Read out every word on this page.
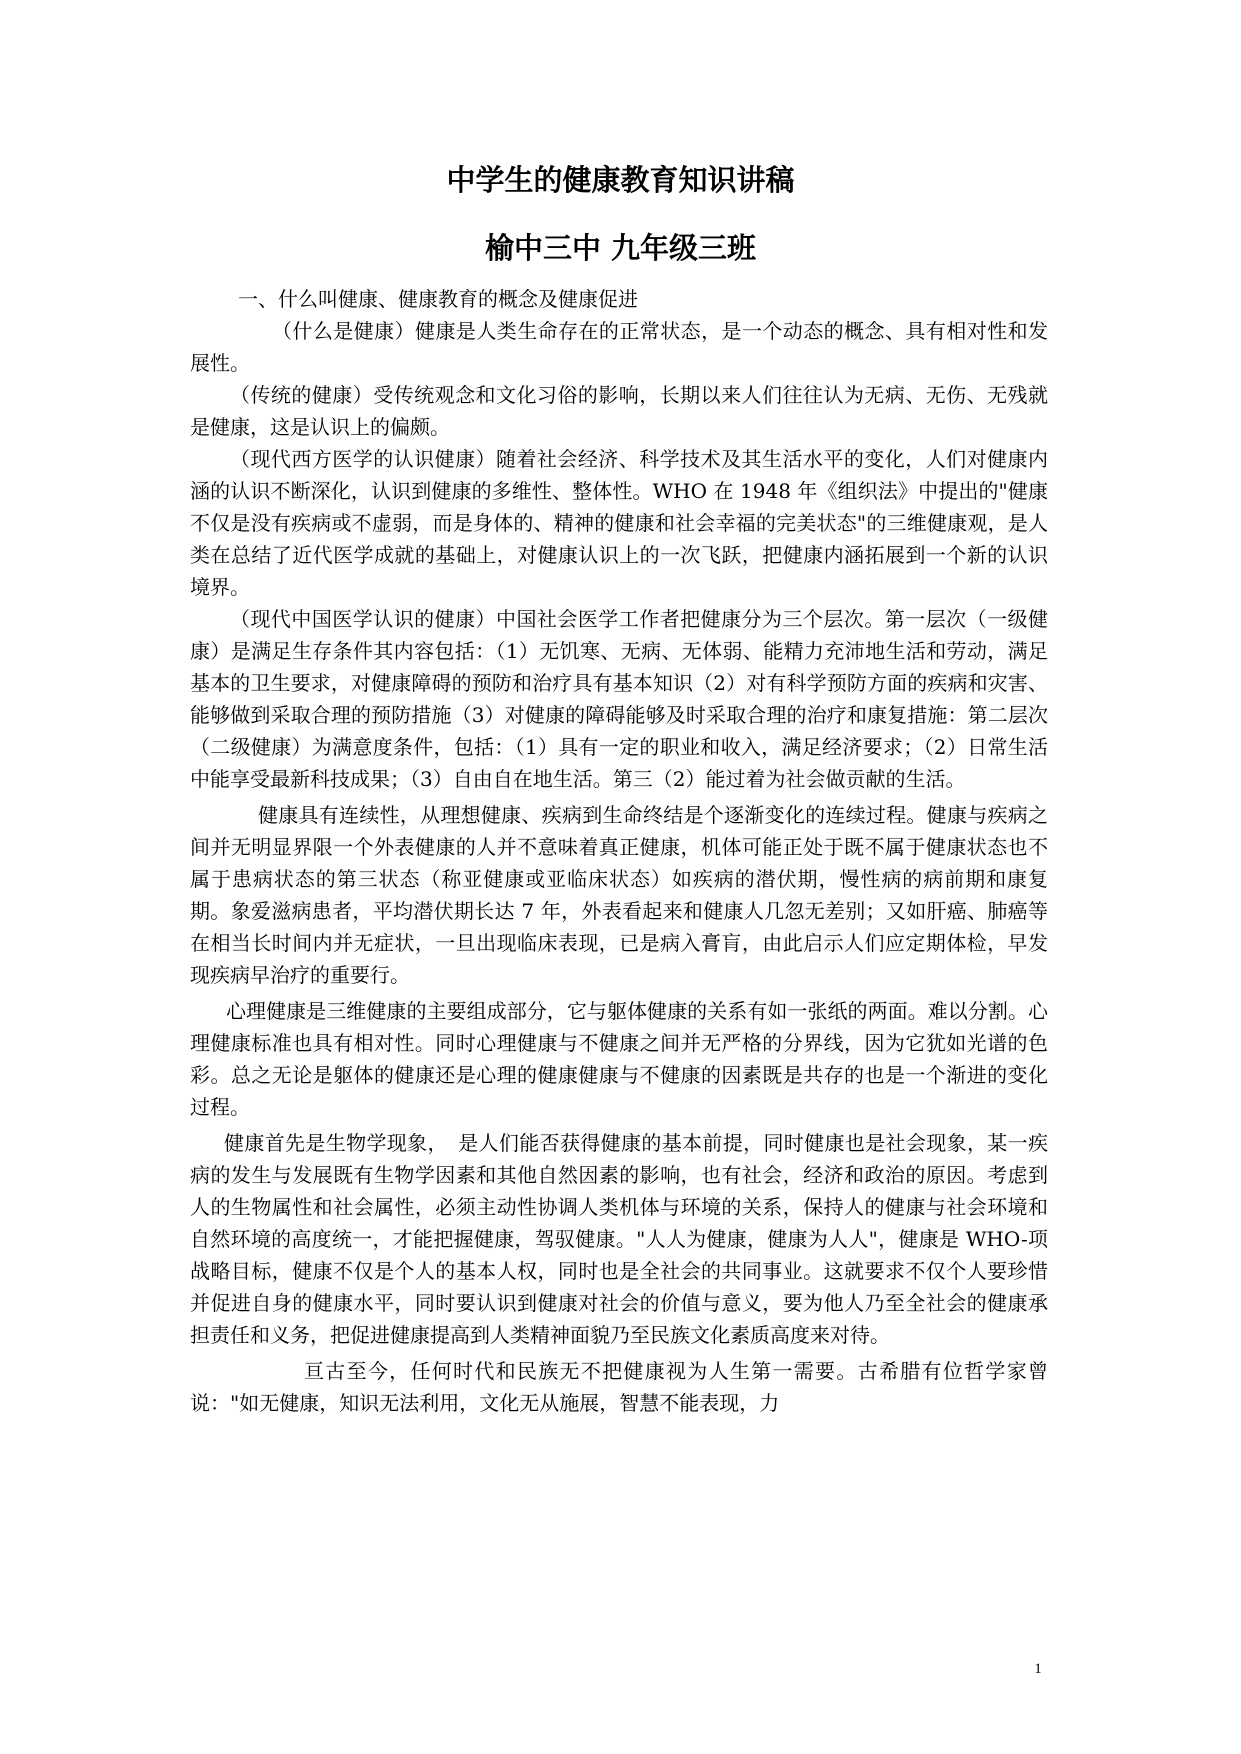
中学生的健康教育知识讲稿
榆中三中 九年级三班

一、什么叫健康、健康教育的概念及健康促进

（什么是健康）健康是人类生命存在的正常状态，是一个动态的概念、具有相对性和发展性。

（传统的健康）受传统观念和文化习俗的影响，长期以来人们往往认为无病、无伤、无残就是健康，这是认识上的偏颇。

（现代西方医学的认识健康）随着社会经济、科学技术及其生活水平的变化，人们对健康内涵的认识不断深化，认识到健康的多维性、整体性。WHO 在 1948 年《组织法》中提出的"健康不仅是没有疾病或不虚弱，而是身体的、精神的健康和社会幸福的完美状态"的三维健康观，是人类在总结了近代医学成就的基础上，对健康认识上的一次飞跃，把健康内涵拓展到一个新的认识境界。

（现代中国医学认识的健康）中国社会医学工作者把健康分为三个层次。第一层次（一级健康）是满足生存条件其内容包括：（1）无饥寒、无病、无体弱、能精力充沛地生活和劳动，满足基本的卫生要求，对健康障碍的预防和治疗具有基本知识（2）对有科学预防方面的疾病和灾害、能够做到采取合理的预防措施（3）对健康的障碍能够及时采取合理的治疗和康复措施：第二层次（二级健康）为满意度条件，包括：（1）具有一定的职业和收入，满足经济要求；（2）日常生活中能享受最新科技成果；（3）自由自在地生活。第三（2）能过着为社会做贡献的生活。

健康具有连续性，从理想健康、疾病到生命终结是个逐渐变化的连续过程。健康与疾病之间并无明显界限一个外表健康的人并不意味着真正健康，机体可能正处于既不属于健康状态也不属于患病状态的第三状态（称亚健康或亚临床状态）如疾病的潜伏期，慢性病的病前期和康复期。象爱滋病患者，平均潜伏期长达 7 年，外表看起来和健康人几忽无差别；又如肝癌、肺癌等在相当长时间内并无症状，一旦出现临床表现，已是病入膏肓，由此启示人们应定期体检，早发现疾病早治疗的重要行。

心理健康是三维健康的主要组成部分，它与躯体健康的关系有如一张纸的两面。难以分割。心理健康标准也具有相对性。同时心理健康与不健康之间并无严格的分界线，因为它犹如光谱的色彩。总之无论是躯体的健康还是心理的健康健康与不健康的因素既是共存的也是一个渐进的变化过程。

健康首先是生物学现象，　是人们能否获得健康的基本前提，同时健康也是社会现象，某一疾病的发生与发展既有生物学因素和其他自然因素的影响，也有社会，经济和政治的原因。考虑到人的生物属性和社会属性，必须主动性协调人类机体与环境的关系，保持人的健康与社会环境和自然环境的高度统一，才能把握健康，驾驭健康。"人人为健康，健康为人人"，健康是 WHO-项战略目标，健康不仅是个人的基本人权，同时也是全社会的共同事业。这就要求不仅个人要珍惜并促进自身的健康水平，同时要认识到健康对社会的价值与意义，要为他人乃至全社会的健康承担责任和义务，把促进健康提高到人类精神面貌乃至民族文化素质高度来对待。

亘古至今，任何时代和民族无不把健康视为人生第一需要。古希腊有位哲学家曾说："如无健康，知识无法利用，文化无从施展，智慧不能表现，力

1
